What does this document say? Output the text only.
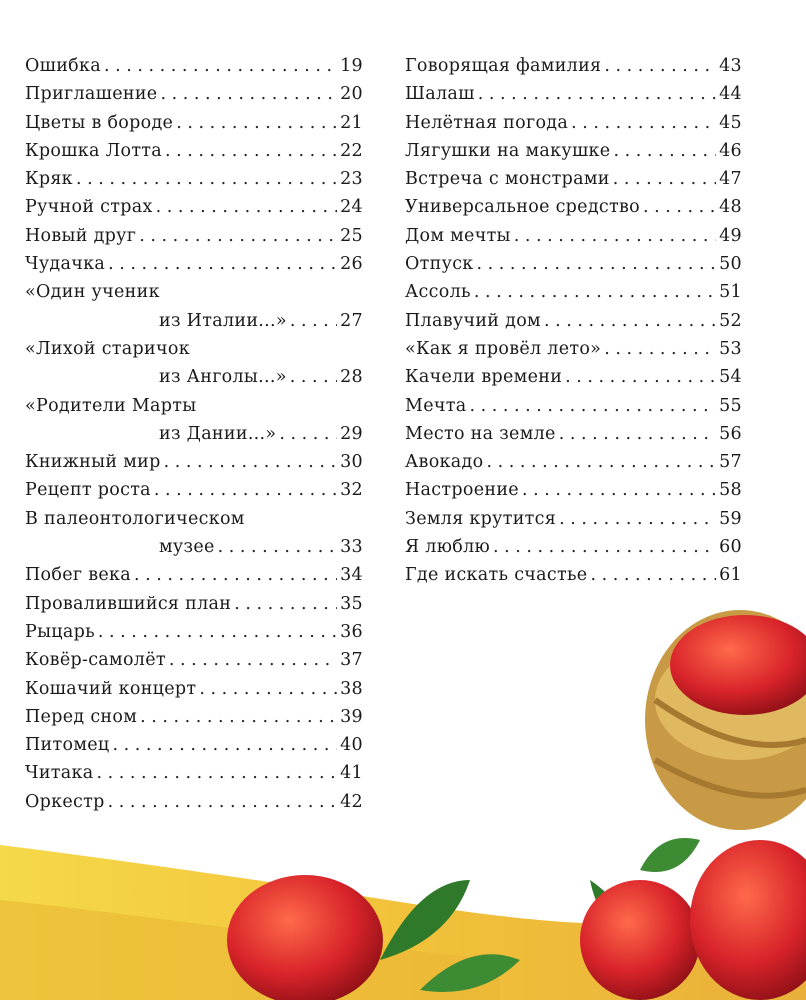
Ошибка . . .	19
Приглашение . . .	20
Цветы в бороде . . .	21
Крошка Лотта . . .	22
Кряк . . .	23
Ручной страх . . .	24
Новый друг . . .	25
Чудачка . . .	26
«Один ученик
из Италии...» . . .	27
«Лихой старичок
из Анголы...» . . .	28
«Родители Марты
из Дании...» . . .	29
Книжный мир . . .	30
Рецепт роста . . .	32
В палеонтологическом
музее . . .	33
Побег века . . .	34
Провалившийся план . . .	35
Рыцарь . . .	36
Ковёр-самолёт . . .	37
Кошачий концерт . . .	38
Перед сном . . .	39
Питомец . . .	40
Читака . . .	41
Оркестр . . .	42
Говорящая фамилия . . .	43
Шалаш . . .	44
Нелётная погода . . .	45
Лягушки на макушке . . .	46
Встреча с монстрами . . .	47
Универсальное средство . . .	48
Дом мечты . . .	49
Отпуск . . .	50
Ассоль . . .	51
Плавучий дом . . .	52
«Как я провёл лето» . . .	53
Качели времени . . .	54
Мечта . . .	55
Место на земле . . .	56
Авокадо . . .	57
Настроение . . .	58
Земля крутится . . .	59
Я люблю . . .	60
Где искать счастье . . .	61
